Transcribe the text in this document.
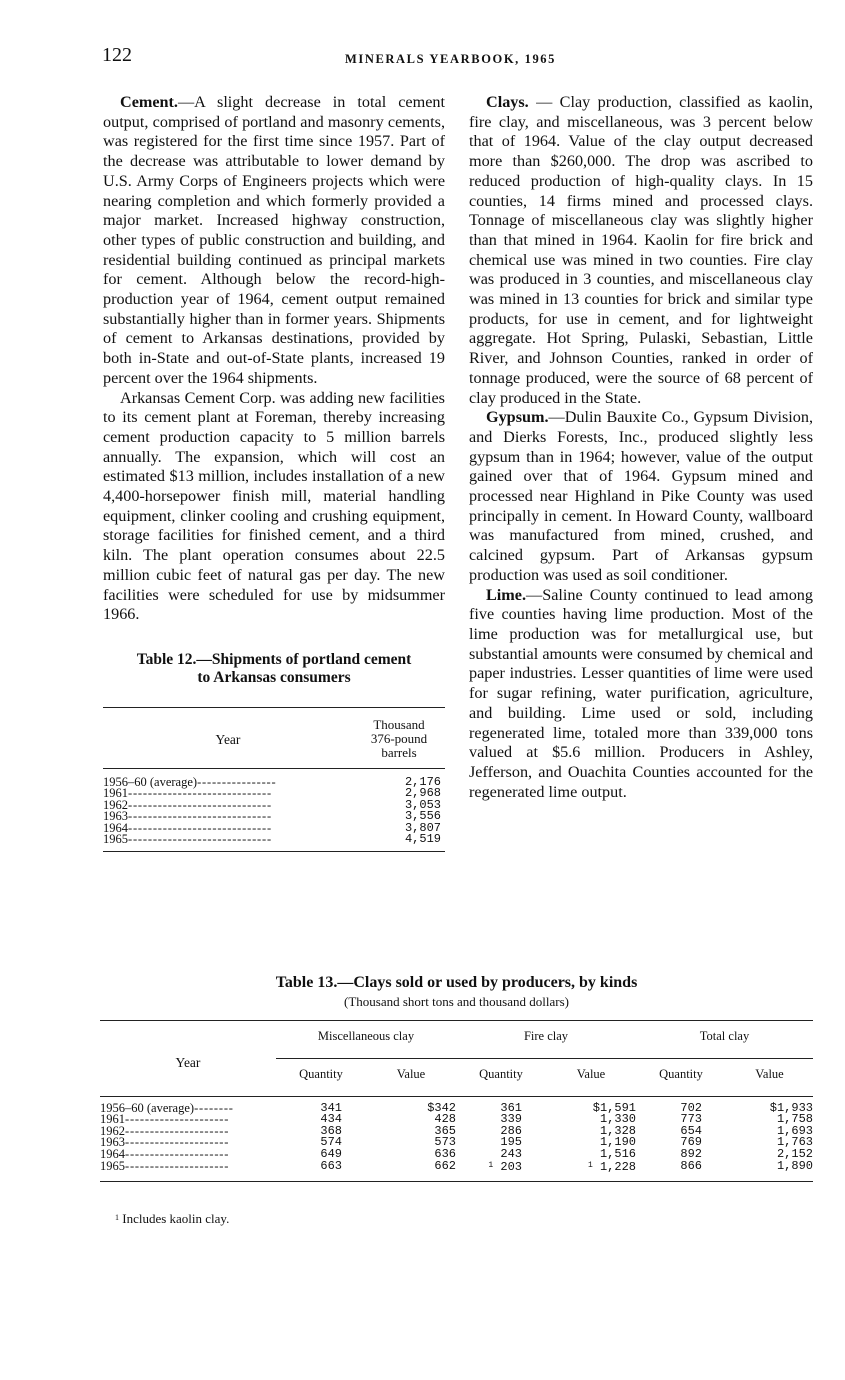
122	MINERALS YEARBOOK, 1965

Cement.—A slight decrease in total cement output, comprised of portland and masonry cements, was registered for the first time since 1957. Part of the decrease was attributable to lower demand by U.S. Army Corps of Engineers projects which were nearing completion and which formerly provided a major market. Increased highway construction, other types of public construction and building, and residential building continued as principal markets for cement. Although below the record-high-production year of 1964, cement output remained substantially higher than in former years. Shipments of cement to Arkansas destinations, provided by both in-State and out-of-State plants, increased 19 percent over the 1964 shipments.

Arkansas Cement Corp. was adding new facilities to its cement plant at Foreman, thereby increasing cement production capacity to 5 million barrels annually. The expansion, which will cost an estimated $13 million, includes installation of a new 4,400-horsepower finish mill, material handling equipment, clinker cooling and crushing equipment, storage facilities for finished cement, and a third kiln. The plant operation consumes about 22.5 million cubic feet of natural gas per day. The new facilities were scheduled for use by midsummer 1966.

Table 12.—Shipments of portland cement
to Arkansas consumers

Year	Thousand
376-pound
barrels

1956–60 (average)----------------	2,176
1961-----------------------------	2,968
1962-----------------------------	3,053
1963-----------------------------	3,556
1964-----------------------------	3,807
1965-----------------------------	4,519

Clays. — Clay production, classified as kaolin, fire clay, and miscellaneous, was 3 percent below that of 1964. Value of the clay output decreased more than $260,000. The drop was ascribed to reduced production of high-quality clays. In 15 counties, 14 firms mined and processed clays. Tonnage of miscellaneous clay was slightly higher than that mined in 1964. Kaolin for fire brick and chemical use was mined in two counties. Fire clay was produced in 3 counties, and miscellaneous clay was mined in 13 counties for brick and similar type products, for use in cement, and for lightweight aggregate. Hot Spring, Pulaski, Sebastian, Little River, and Johnson Counties, ranked in order of tonnage produced, were the source of 68 percent of clay produced in the State.

Gypsum.—Dulin Bauxite Co., Gypsum Division, and Dierks Forests, Inc., produced slightly less gypsum than in 1964; however, value of the output gained over that of 1964. Gypsum mined and processed near Highland in Pike County was used principally in cement. In Howard County, wallboard was manufactured from mined, crushed, and calcined gypsum. Part of Arkansas gypsum production was used as soil conditioner.

Lime.—Saline County continued to lead among five counties having lime production. Most of the lime production was for metallurgical use, but substantial amounts were consumed by chemical and paper industries. Lesser quantities of lime were used for sugar refining, water purification, agriculture, and building. Lime used or sold, including regenerated lime, totaled more than 339,000 tons valued at $5.6 million. Producers in Ashley, Jefferson, and Ouachita Counties accounted for the regenerated lime output.

Table 13.—Clays sold or used by producers, by kinds
(Thousand short tons and thousand dollars)

Year	Miscellaneous clay		Fire clay		Total clay	
	Quantity	Value	Quantity	Value	Quantity	Value

1956–60 (average)--------	341	$342	361	$1,591	702	$1,933
1961---------------------	434	428	339	1,330	773	1,758
1962---------------------	368	365	286	1,328	654	1,693
1963---------------------	574	573	195	1,190	769	1,763
1964---------------------	649	636	243	1,516	892	2,152
1965---------------------	663	662	$^1$ 203	$^1$ 1,228	866	1,890

$^1$ Includes kaolin clay.
